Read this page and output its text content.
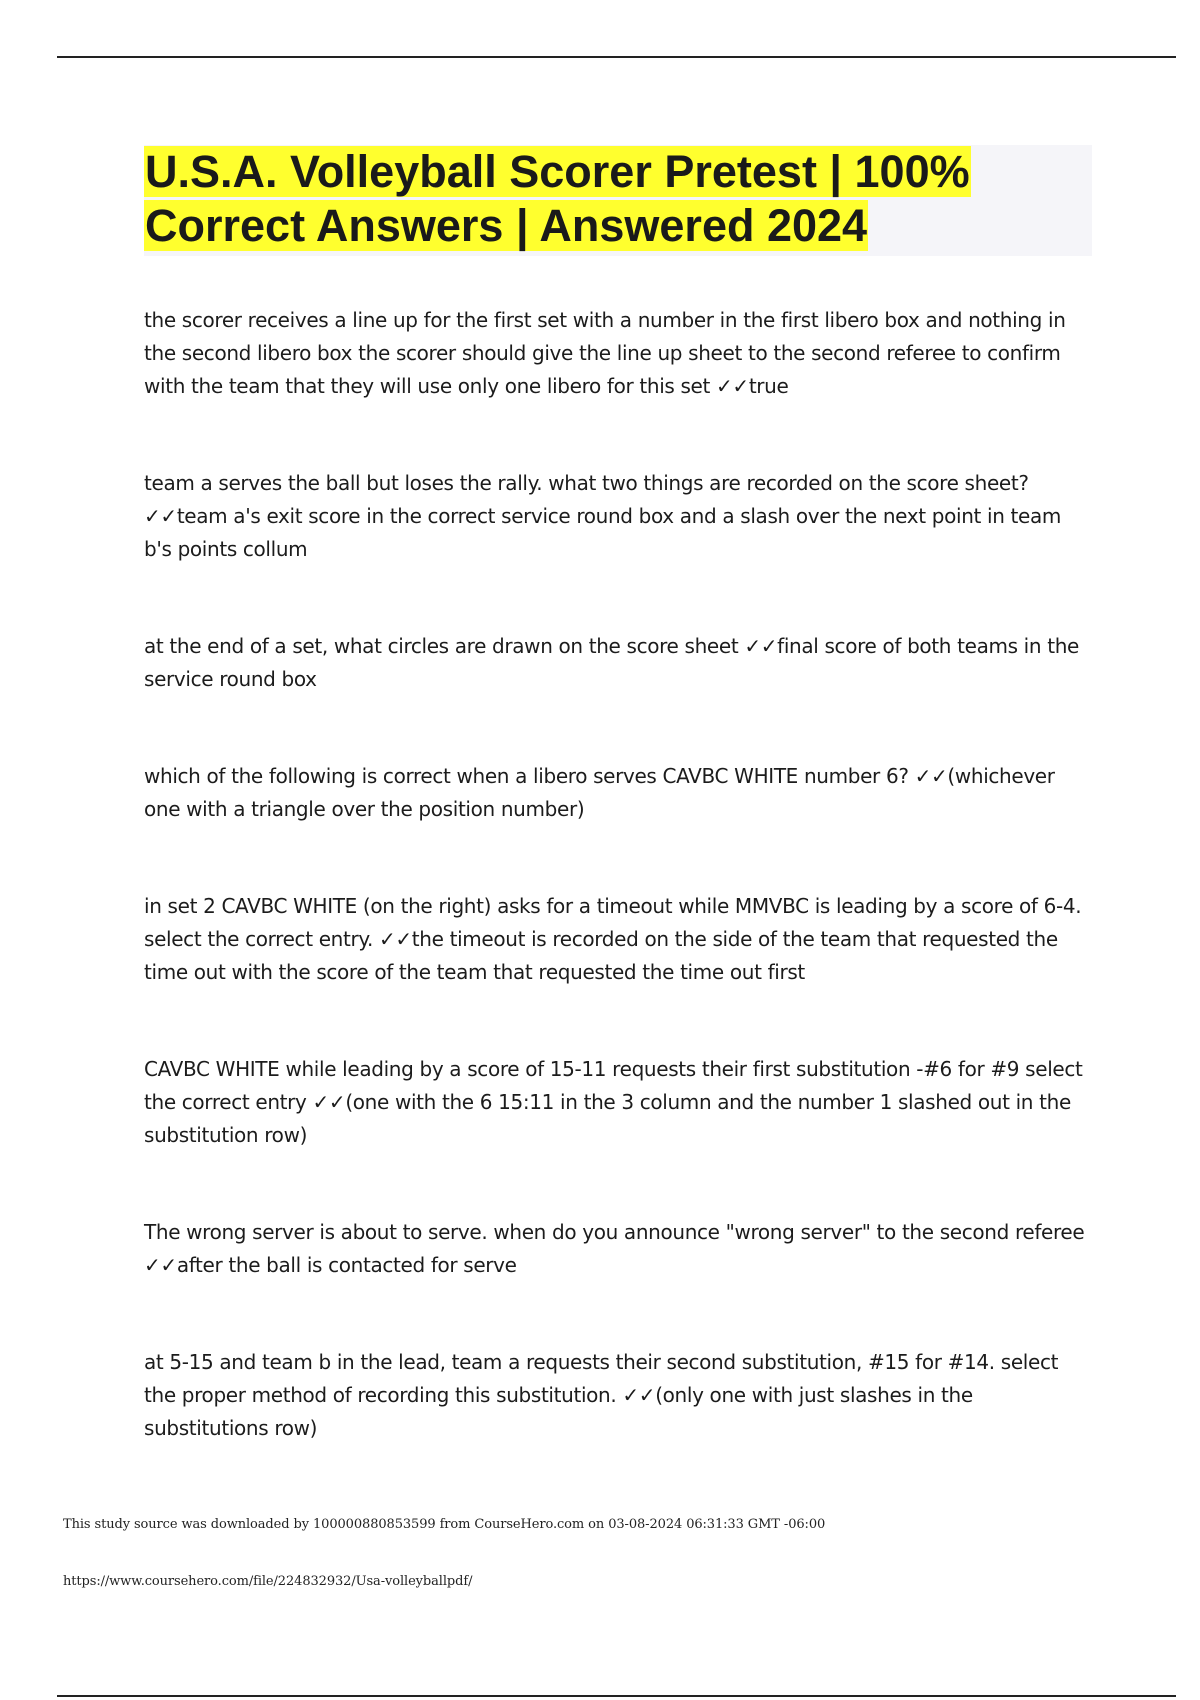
U.S.A. Volleyball Scorer Pretest | 100%
Correct Answers | Answered 2024

the scorer receives a line up for the first set with a number in the first libero box and nothing in the second libero box the scorer should give the line up sheet to the second referee to confirm with the team that they will use only one libero for this set ✓✓true

team a serves the ball but loses the rally. what two things are recorded on the score sheet? ✓✓team a's exit score in the correct service round box and a slash over the next point in team b's points collum

at the end of a set, what circles are drawn on the score sheet ✓✓final score of both teams in the service round box

which of the following is correct when a libero serves CAVBC WHITE number 6? ✓✓(whichever one with a triangle over the position number)

in set 2 CAVBC WHITE (on the right) asks for a timeout while MMVBC is leading by a score of 6-4. select the correct entry. ✓✓the timeout is recorded on the side of the team that requested the time out with the score of the team that requested the time out first

CAVBC WHITE while leading by a score of 15-11 requests their first substitution -#6 for #9 select the correct entry ✓✓(one with the 6 15:11 in the 3 column and the number 1 slashed out in the substitution row)

The wrong server is about to serve. when do you announce "wrong server" to the second referee ✓✓after the ball is contacted for serve

at 5-15 and team b in the lead, team a requests their second substitution, #15 for #14. select the proper method of recording this substitution. ✓✓(only one with just slashes in the substitutions row)

This study source was downloaded by 100000880853599 from CourseHero.com on 03-08-2024 06:31:33 GMT -06:00
https://www.coursehero.com/file/224832932/Usa-volleyballpdf/
